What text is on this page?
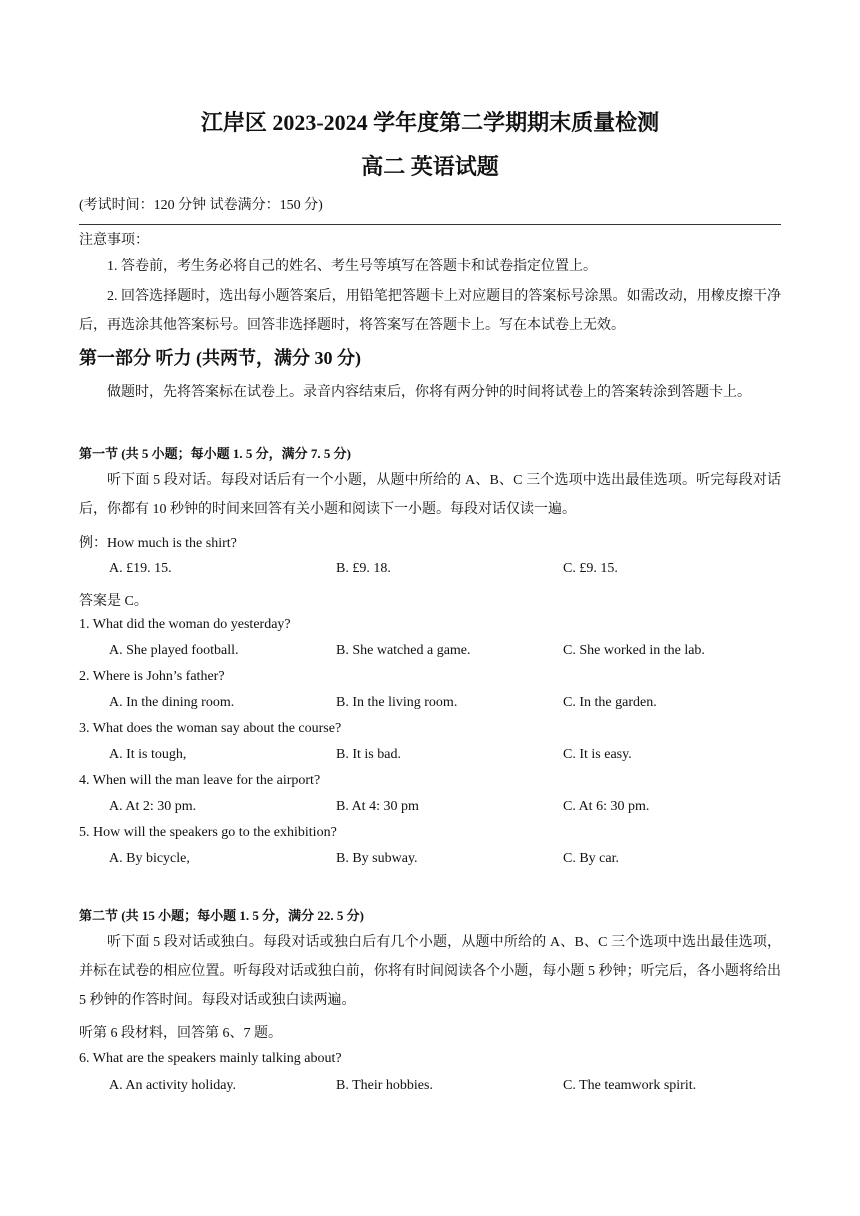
江岸区 2023-2024 学年度第二学期期末质量检测
高二 英语试题
(考试时间：120 分钟 试卷满分：150 分)
注意事项：
1. 答卷前，考生务必将自己的姓名、考生号等填写在答题卡和试卷指定位置上。
2. 回答选择题时，选出每小题答案后，用铅笔把答题卡上对应题目的答案标号涂黑。如需改动，用橡皮擦干净后，再选涂其他答案标号。回答非选择题时，将答案写在答题卡上。写在本试卷上无效。
第一部分 听力 (共两节，满分 30 分)
做题时，先将答案标在试卷上。录音内容结束后，你将有两分钟的时间将试卷上的答案转涂到答题卡上。
第一节 (共 5 小题；每小题 1. 5 分，满分 7. 5 分)
听下面 5 段对话。每段对话后有一个小题，从题中所给的 A、B、C 三个选项中选出最佳选项。听完每段对话后，你都有 10 秒钟的时间来回答有关小题和阅读下一小题。每段对话仅读一遍。
例：How much is the shirt?
A. £19. 15.	B. £9. 18.	C. £9. 15.
答案是 C。
1. What did the woman do yesterday?
A. She played football.	B. She watched a game.	C. She worked in the lab.
2. Where is John’s father?
A. In the dining room.	B. In the living room.	C. In the garden.
3. What does the woman say about the course?
A. It is tough,	B. It is bad.	C. It is easy.
4. When will the man leave for the airport?
A. At 2: 30 pm.	B. At 4: 30 pm	C. At 6: 30 pm.
5. How will the speakers go to the exhibition?
A. By bicycle,	B. By subway.	C. By car.
第二节 (共 15 小题；每小题 1. 5 分，满分 22. 5 分)
听下面 5 段对话或独白。每段对话或独白后有几个小题，从题中所给的 A、B、C 三个选项中选出最佳选项，并标在试卷的相应位置。听每段对话或独白前，你将有时间阅读各个小题，每小题 5 秒钟；听完后，各小题将给出 5 秒钟的作答时间。每段对话或独白读两遍。
听第 6 段材料，回答第 6、7 题。
6. What are the speakers mainly talking about?
A. An activity holiday.	B. Their hobbies.	C. The teamwork spirit.
